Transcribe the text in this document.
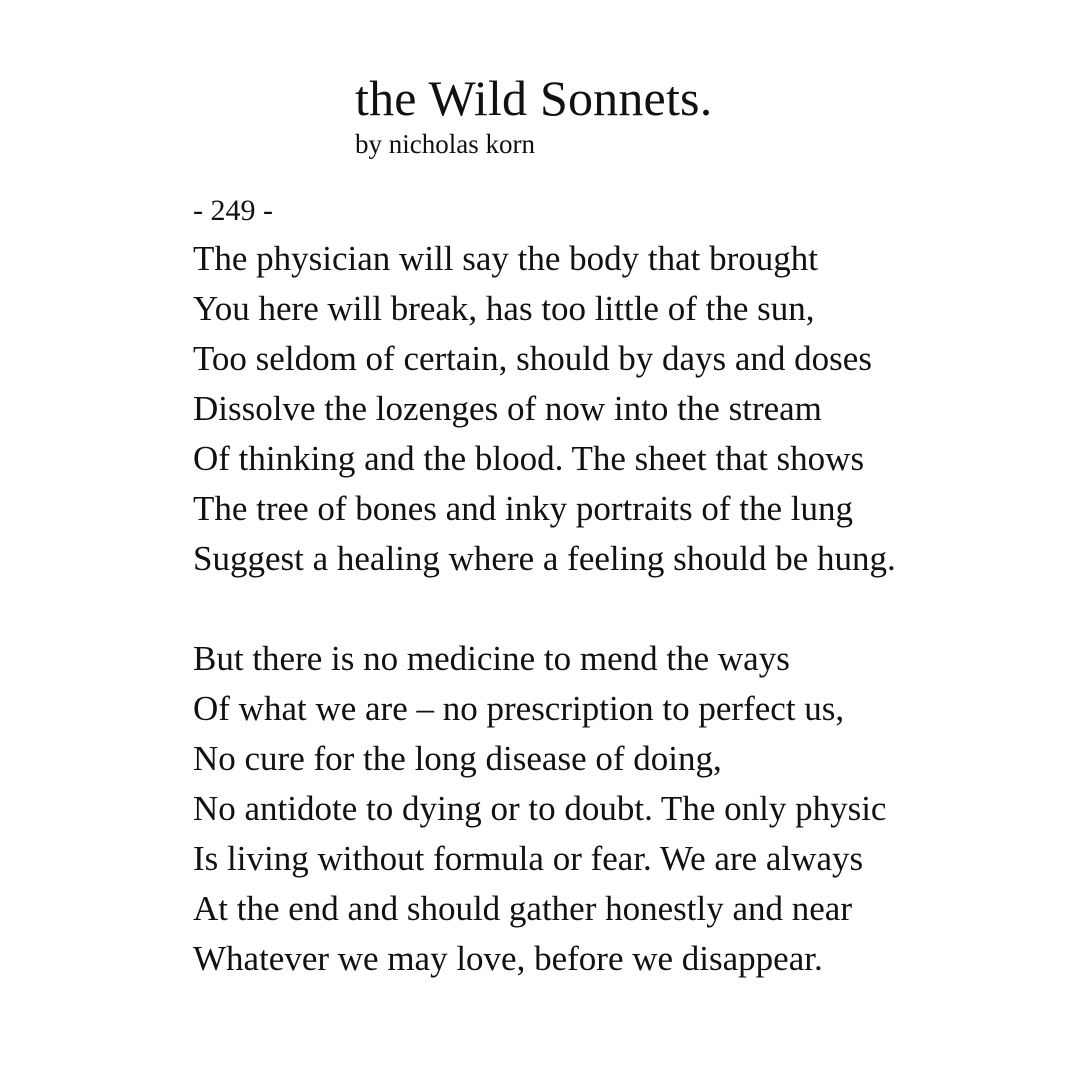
the Wild Sonnets.

by nicholas korn

- 249 -
The physician will say the body that brought
You here will break, has too little of the sun,
Too seldom of certain, should by days and doses
Dissolve the lozenges of now into the stream
Of thinking and the blood. The sheet that shows
The tree of bones and inky portraits of the lung
Suggest a healing where a feeling should be hung.
But there is no medicine to mend the ways
Of what we are – no prescription to perfect us,
No cure for the long disease of doing,
No antidote to dying or to doubt. The only physic
Is living without formula or fear. We are always
At the end and should gather honestly and near
Whatever we may love, before we disappear.
